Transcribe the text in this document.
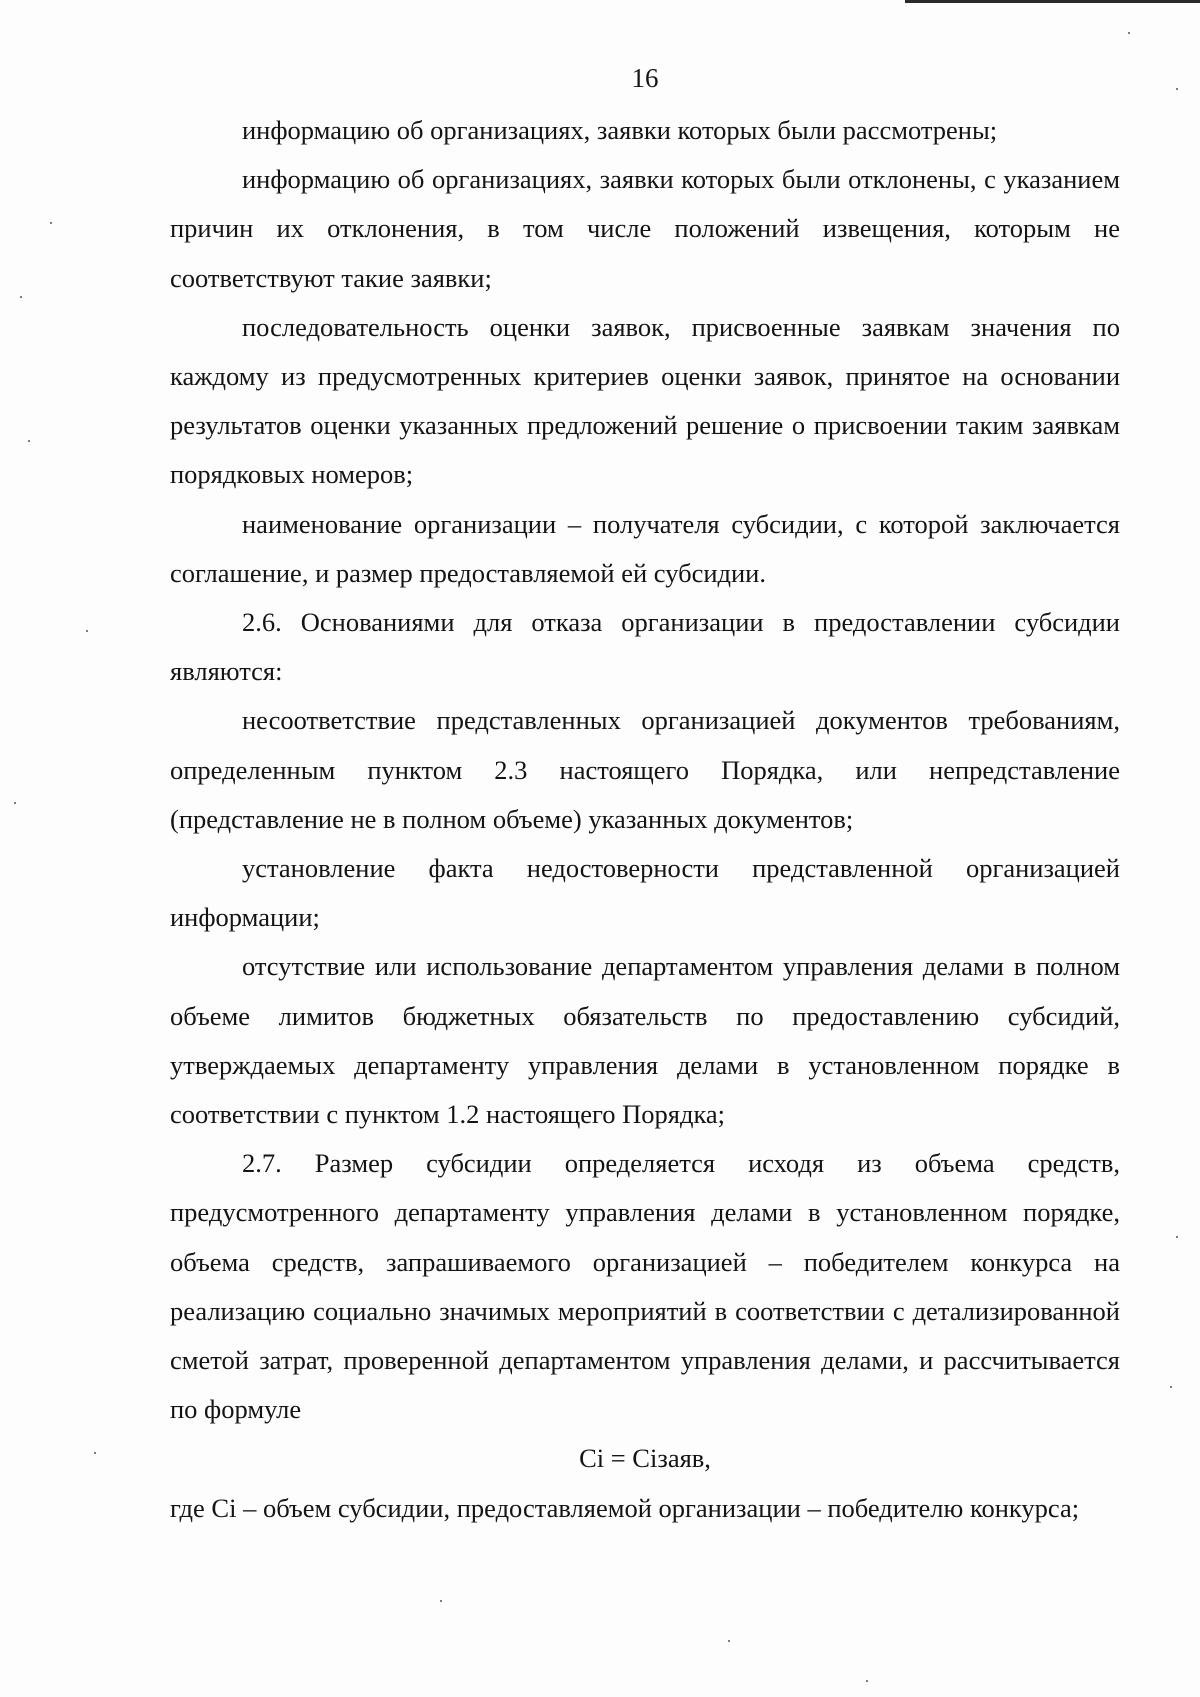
16

информацию об организациях, заявки которых были рассмотрены;

информацию об организациях, заявки которых были отклонены, с указанием причин их отклонения, в том числе положений извещения, которым не соответствуют такие заявки;

последовательность оценки заявок, присвоенные заявкам значения по каждому из предусмотренных критериев оценки заявок, принятое на основании результатов оценки указанных предложений решение о присвоении таким заявкам порядковых номеров;

наименование организации – получателя субсидии, с которой заключается соглашение, и размер предоставляемой ей субсидии.

2.6. Основаниями для отказа организации в предоставлении субсидии являются:

несоответствие представленных организацией документов требованиям, определенным пунктом 2.3 настоящего Порядка, или непредставление (представление не в полном объеме) указанных документов;

установление факта недостоверности представленной организацией информации;

отсутствие или использование департаментом управления делами в полном объеме лимитов бюджетных обязательств по предоставлению субсидий, утверждаемых департаменту управления делами в установленном порядке в соответствии с пунктом 1.2 настоящего Порядка;

2.7. Размер субсидии определяется исходя из объема средств, предусмотренного департаменту управления делами в установленном порядке, объема средств, запрашиваемого организацией – победителем конкурса на реализацию социально значимых мероприятий в соответствии с детализированной сметой затрат, проверенной департаментом управления делами, и рассчитывается по формуле

Ci = Ciзаяв,

где Ci – объем субсидии, предоставляемой организации – победителю конкурса;
